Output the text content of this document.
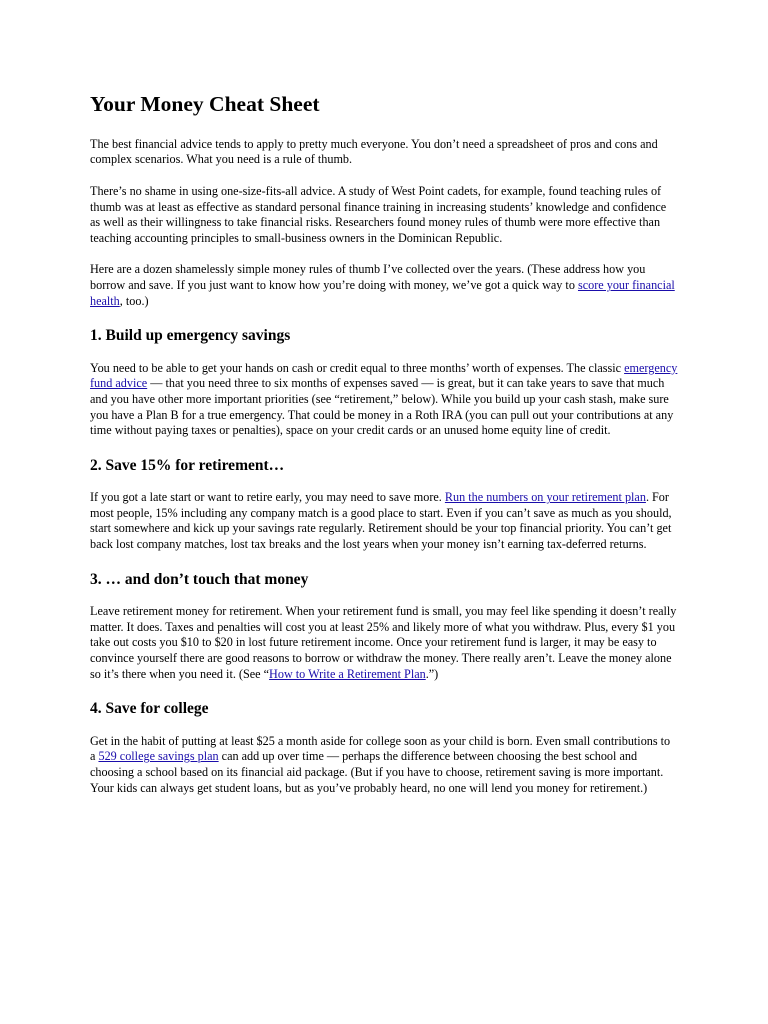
Your Money Cheat Sheet

The best financial advice tends to apply to pretty much everyone. You don’t need a spreadsheet of pros and cons and complex scenarios. What you need is a rule of thumb.

There’s no shame in using one-size-fits-all advice. A study of West Point cadets, for example, found teaching rules of thumb was at least as effective as standard personal finance training in increasing students’ knowledge and confidence as well as their willingness to take financial risks. Researchers found money rules of thumb were more effective than teaching accounting principles to small-business owners in the Dominican Republic.

Here are a dozen shamelessly simple money rules of thumb I’ve collected over the years. (These address how you borrow and save. If you just want to know how you’re doing with money, we’ve got a quick way to score your financial health, too.)

1. Build up emergency savings

You need to be able to get your hands on cash or credit equal to three months’ worth of expenses. The classic emergency fund advice — that you need three to six months of expenses saved — is great, but it can take years to save that much and you have other more important priorities (see “retirement,” below). While you build up your cash stash, make sure you have a Plan B for a true emergency. That could be money in a Roth IRA (you can pull out your contributions at any time without paying taxes or penalties), space on your credit cards or an unused home equity line of credit.

2. Save 15% for retirement…

If you got a late start or want to retire early, you may need to save more. Run the numbers on your retirement plan. For most people, 15% including any company match is a good place to start. Even if you can’t save as much as you should, start somewhere and kick up your savings rate regularly. Retirement should be your top financial priority. You can’t get back lost company matches, lost tax breaks and the lost years when your money isn’t earning tax-deferred returns.

3. … and don’t touch that money

Leave retirement money for retirement. When your retirement fund is small, you may feel like spending it doesn’t really matter. It does. Taxes and penalties will cost you at least 25% and likely more of what you withdraw. Plus, every $1 you take out costs you $10 to $20 in lost future retirement income. Once your retirement fund is larger, it may be easy to convince yourself there are good reasons to borrow or withdraw the money. There really aren’t. Leave the money alone so it’s there when you need it. (See “How to Write a Retirement Plan.”)

4. Save for college

Get in the habit of putting at least $25 a month aside for college soon as your child is born. Even small contributions to a 529 college savings plan can add up over time — perhaps the difference between choosing the best school and choosing a school based on its financial aid package. (But if you have to choose, retirement saving is more important. Your kids can always get student loans, but as you’ve probably heard, no one will lend you money for retirement.)
